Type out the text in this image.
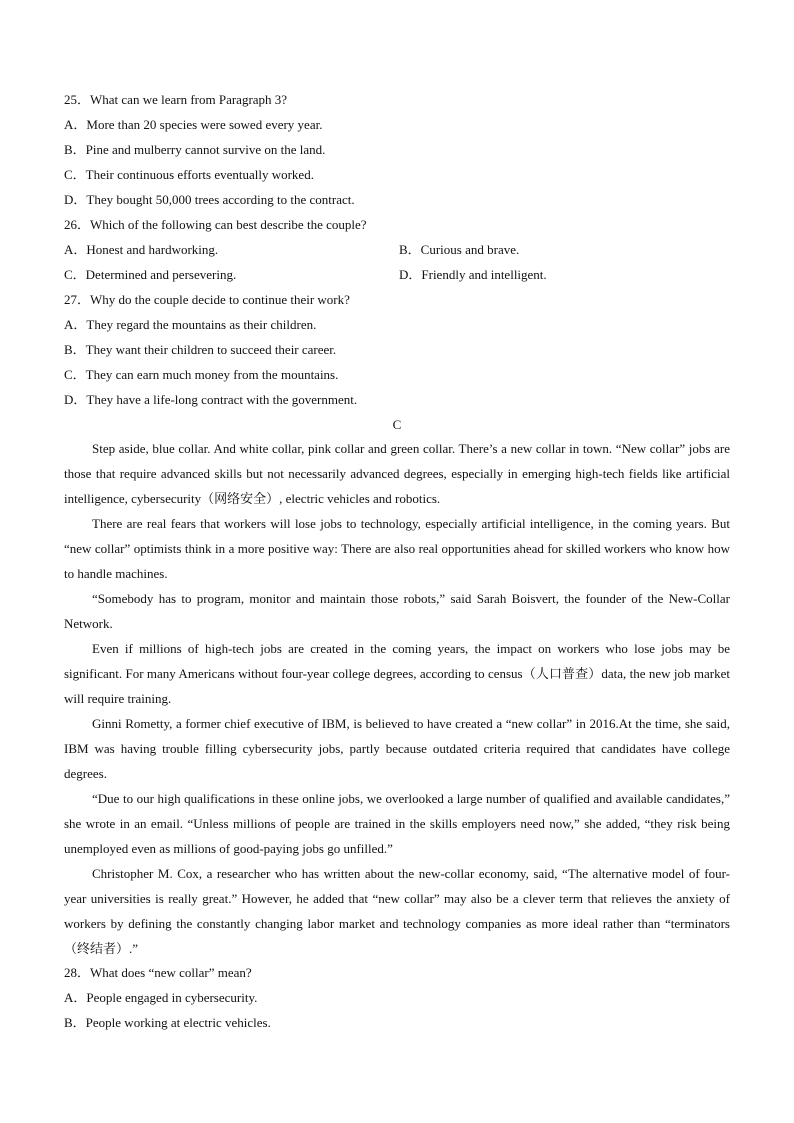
25．What can we learn from Paragraph 3?
A．More than 20 species were sowed every year.
B．Pine and mulberry cannot survive on the land.
C．Their continuous efforts eventually worked.
D．They bought 50,000 trees according to the contract.
26．Which of the following can best describe the couple?
A．Honest and hardworking.	B．Curious and brave.
C．Determined and persevering.	D．Friendly and intelligent.
27．Why do the couple decide to continue their work?
A．They regard the mountains as their children.
B．They want their children to succeed their career.
C．They can earn much money from the mountains.
D．They have a life-long contract with the government.
C
Step aside, blue collar. And white collar, pink collar and green collar. There’s a new collar in town. “New collar” jobs are those that require advanced skills but not necessarily advanced degrees, especially in emerging high-tech fields like artificial intelligence, cybersecurity（网络安全）, electric vehicles and robotics.
There are real fears that workers will lose jobs to technology, especially artificial intelligence, in the coming years. But “new collar” optimists think in a more positive way: There are also real opportunities ahead for skilled workers who know how to handle machines.
“Somebody has to program, monitor and maintain those robots,” said Sarah Boisvert, the founder of the New-Collar Network.
Even if millions of high-tech jobs are created in the coming years, the impact on workers who lose jobs may be significant. For many Americans without four-year college degrees, according to census（人口普查）data, the new job market will require training.
Ginni Rometty, a former chief executive of IBM, is believed to have created a “new collar” in 2016.At the time, she said, IBM was having trouble filling cybersecurity jobs, partly because outdated criteria required that candidates have college degrees.
“Due to our high qualifications in these online jobs, we overlooked a large number of qualified and available candidates,” she wrote in an email. “Unless millions of people are trained in the skills employers need now,” she added, “they risk being unemployed even as millions of good-paying jobs go unfilled.”
Christopher M. Cox, a researcher who has written about the new-collar economy, said, “The alternative model of four-year universities is really great.” However, he added that “new collar” may also be a clever term that relieves the anxiety of workers by defining the constantly changing labor market and technology companies as more ideal rather than “terminators（终结者）.”
28．What does “new collar” mean?
A．People engaged in cybersecurity.
B．People working at electric vehicles.
